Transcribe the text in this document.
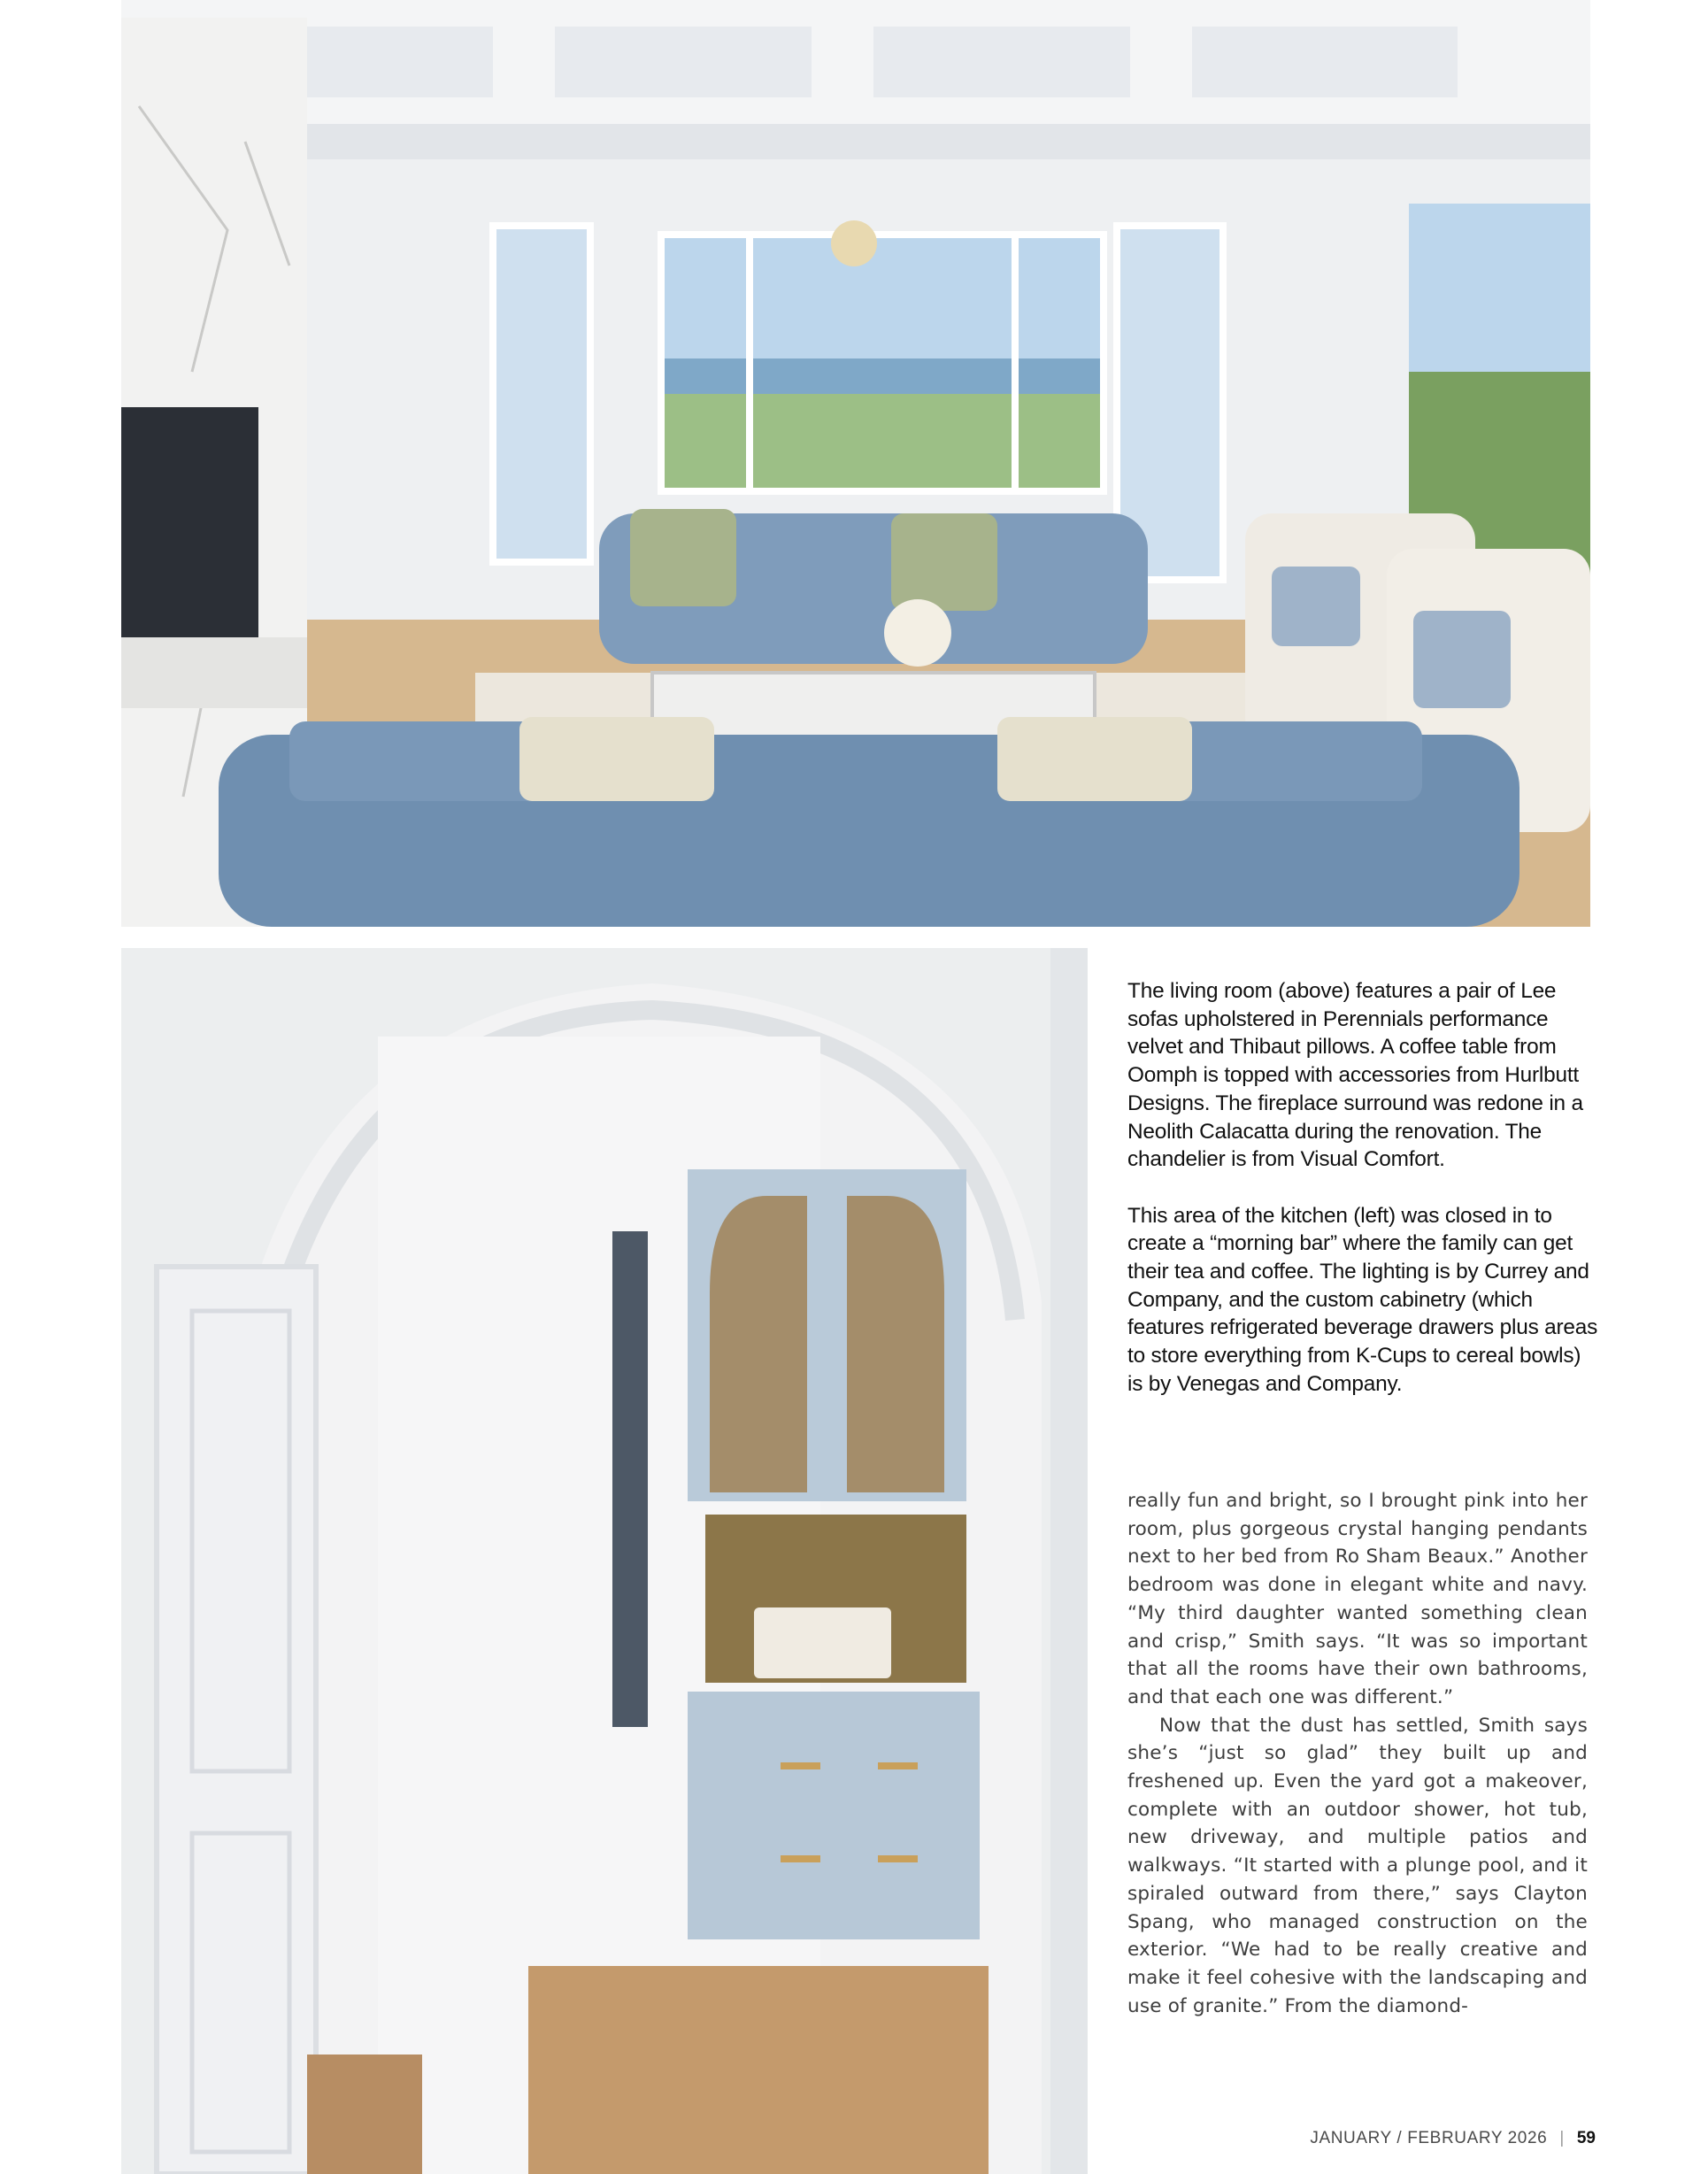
The living room (above) features a pair of Lee sofas upholstered in Perennials performance velvet and Thibaut pillows. A coffee table from Oomph is topped with accessories from Hurlbutt Designs. The fireplace surround was redone in a Neolith Calacatta during the renovation. The chandelier is from Visual Comfort.

This area of the kitchen (left) was closed in to create a “morning bar” where the family can get their tea and coffee. The lighting is by Currey and Company, and the custom cabinetry (which features refrigerated beverage drawers plus areas to store everything from K-Cups to cereal bowls) is by Venegas and Company.

really fun and bright, so I brought pink into her room, plus gorgeous crystal hanging pendants next to her bed from Ro Sham Beaux.” Another bedroom was done in elegant white and navy. “My third daughter wanted something clean and crisp,” Smith says. “It was so important that all the rooms have their own bathrooms, and that each one was different.”

Now that the dust has settled, Smith says she’s “just so glad” they built up and freshened up. Even the yard got a makeover, complete with an outdoor shower, hot tub, new driveway, and multiple patios and walkways. “It started with a plunge pool, and it spiraled outward from there,” says Clayton Spang, who managed construction on the exterior. “We had to be really creative and make it feel cohesive with the landscaping and use of granite.” From the diamond-

JANUARY / FEBRUARY 2026 | 59
